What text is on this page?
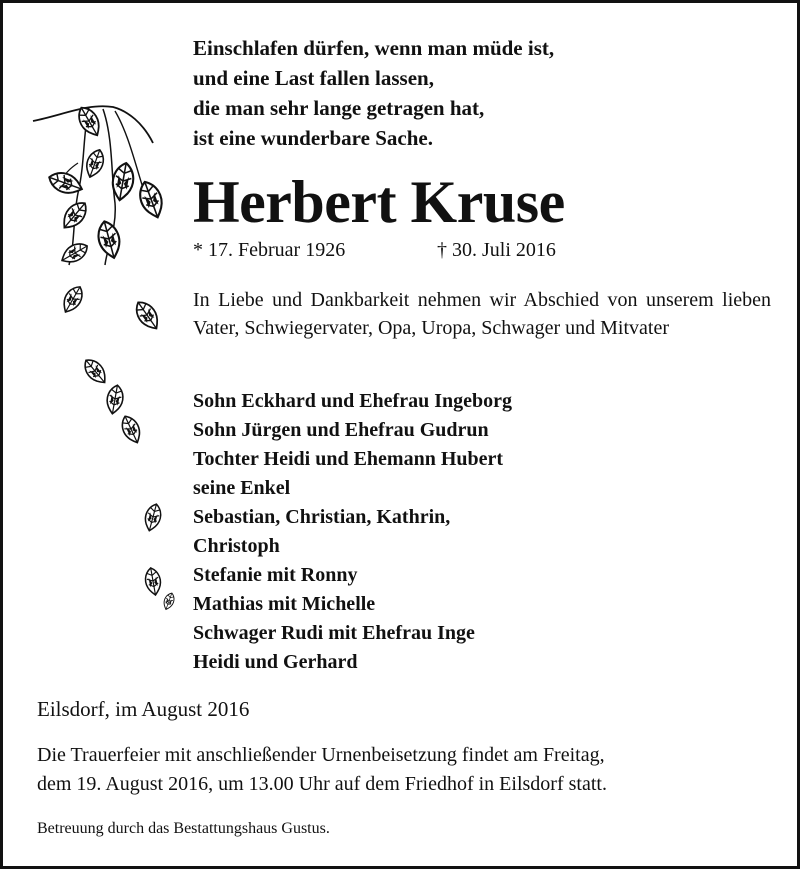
Einschlafen dürfen, wenn man müde ist,
und eine Last fallen lassen,
die man sehr lange getragen hat,
ist eine wunderbare Sache.
Herbert Kruse
* 17. Februar 1926	† 30. Juli 2016
In Liebe und Dankbarkeit nehmen wir Abschied von unserem lieben Vater, Schwiegervater, Opa, Uropa, Schwager und Mitvater
Sohn Eckhard und Ehefrau Ingeborg
Sohn Jürgen und Ehefrau Gudrun
Tochter Heidi und Ehemann Hubert
seine Enkel
Sebastian, Christian, Kathrin,
Christoph
Stefanie mit Ronny
Mathias mit Michelle
Schwager Rudi mit Ehefrau Inge
Heidi und Gerhard
Eilsdorf, im August 2016
Die Trauerfeier mit anschließender Urnenbeisetzung findet am Freitag,
dem 19. August 2016, um 13.00 Uhr auf dem Friedhof in Eilsdorf statt.
Betreuung durch das Bestattungshaus Gustus.
